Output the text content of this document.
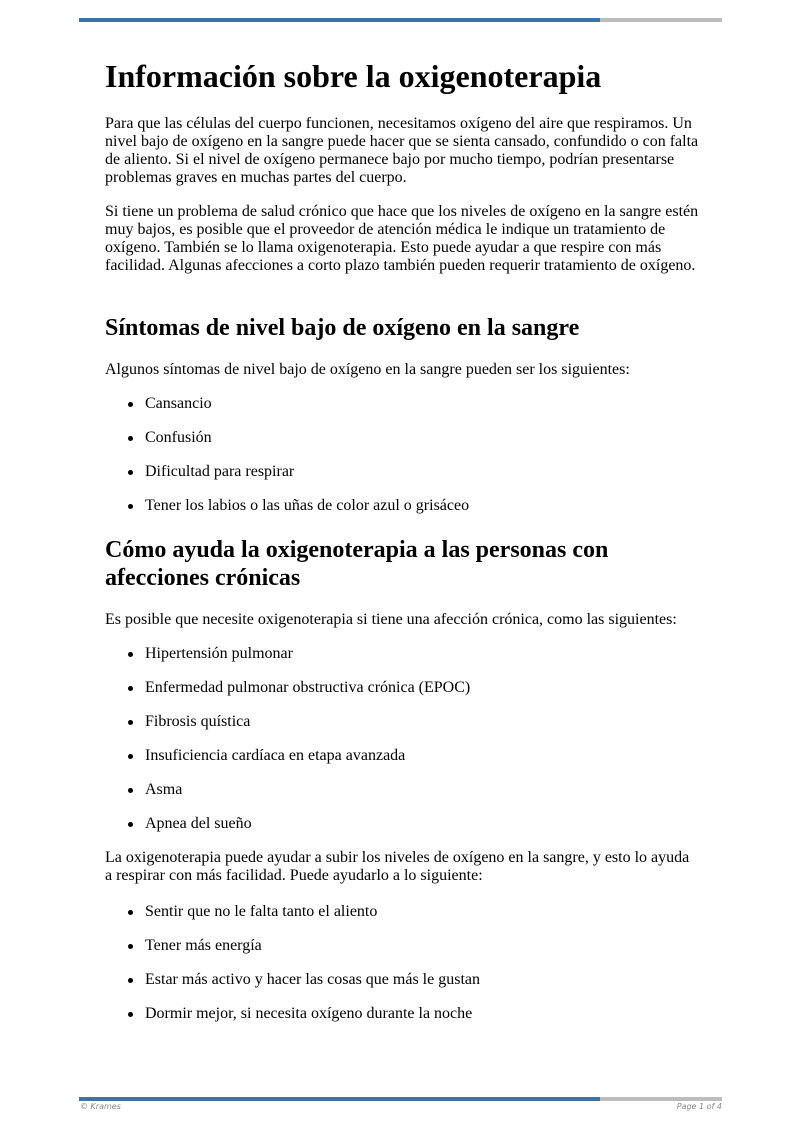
Información sobre la oxigenoterapia

Para que las células del cuerpo funcionen, necesitamos oxígeno del aire que respiramos. Un nivel bajo de oxígeno en la sangre puede hacer que se sienta cansado, confundido o con falta de aliento. Si el nivel de oxígeno permanece bajo por mucho tiempo, podrían presentarse problemas graves en muchas partes del cuerpo.

Si tiene un problema de salud crónico que hace que los niveles de oxígeno en la sangre estén muy bajos, es posible que el proveedor de atención médica le indique un tratamiento de oxígeno. También se lo llama oxigenoterapia. Esto puede ayudar a que respire con más facilidad. Algunas afecciones a corto plazo también pueden requerir tratamiento de oxígeno.

Síntomas de nivel bajo de oxígeno en la sangre

Algunos síntomas de nivel bajo de oxígeno en la sangre pueden ser los siguientes:

Cansancio
Confusión
Dificultad para respirar
Tener los labios o las uñas de color azul o grisáceo
Cómo ayuda la oxigenoterapia a las personas con afecciones crónicas

Es posible que necesite oxigenoterapia si tiene una afección crónica, como las siguientes:

Hipertensión pulmonar
Enfermedad pulmonar obstructiva crónica (EPOC)
Fibrosis quística
Insuficiencia cardíaca en etapa avanzada
Asma
Apnea del sueño

La oxigenoterapia puede ayudar a subir los niveles de oxígeno en la sangre, y esto lo ayuda a respirar con más facilidad. Puede ayudarlo a lo siguiente:

Sentir que no le falta tanto el aliento
Tener más energía
Estar más activo y hacer las cosas que más le gustan
Dormir mejor, si necesita oxígeno durante la noche
© Krames	Page 1 of 4
